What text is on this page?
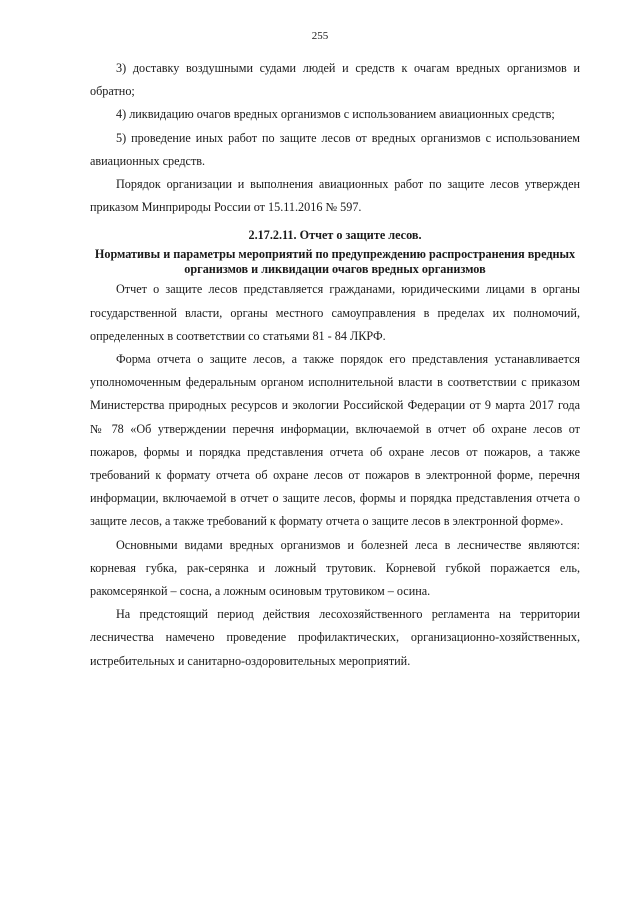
255

3) доставку воздушными судами людей и средств к очагам вредных организмов и обратно;

4) ликвидацию очагов вредных организмов с использованием авиационных средств;

5) проведение иных работ по защите лесов от вредных организмов с использованием авиационных средств.

Порядок организации и выполнения авиационных работ по защите лесов утвержден приказом Минприроды России от 15.11.2016 № 597.

2.17.2.11. Отчет о защите лесов.
Нормативы и параметры мероприятий по предупреждению распространения вредных организмов и ликвидации очагов вредных организмов

Отчет о защите лесов представляется гражданами, юридическими лицами в органы государственной власти, органы местного самоуправления в пределах их полномочий, определенных в соответствии со статьями 81 - 84 ЛКРФ.

Форма отчета о защите лесов, а также порядок его представления устанавливается уполномоченным федеральным органом исполнительной власти в соответствии с приказом Министерства природных ресурсов и экологии Российской Федерации от 9 марта 2017 года № 78 «Об утверждении перечня информации, включаемой в отчет об охране лесов от пожаров, формы и порядка представления отчета об охране лесов от пожаров, а также требований к формату отчета об охране лесов от пожаров в электронной форме, перечня информации, включаемой в отчет о защите лесов, формы и порядка представления отчета о защите лесов, а также требований к формату отчета о защите лесов в электронной форме».

Основными видами вредных организмов и болезней леса в лесничестве являются: корневая губка, рак-серянка и ложный трутовик. Корневой губкой поражается ель, ракомсерянкой – сосна, а ложным осиновым трутовиком – осина.

На предстоящий период действия лесохозяйственного регламента на территории лесничества намечено проведение профилактических, организационно-хозяйственных, истребительных и санитарно-оздоровительных мероприятий.
